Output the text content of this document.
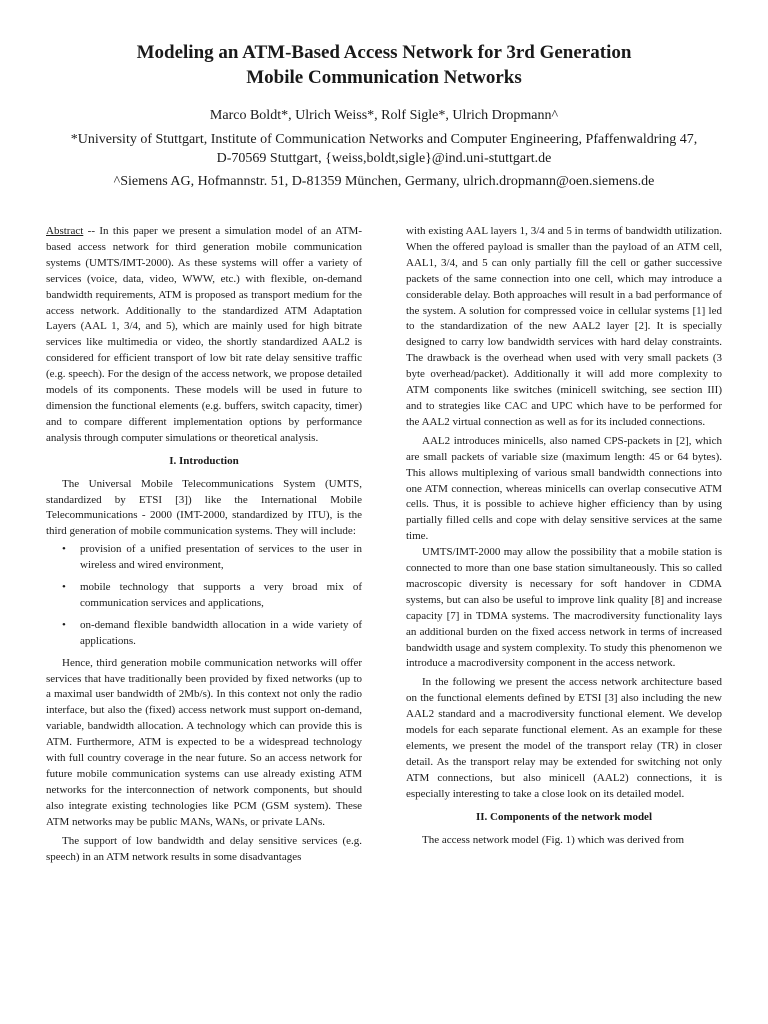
Modeling an ATM-Based Access Network for 3rd Generation
Mobile Communication Networks
Marco Boldt*, Ulrich Weiss*, Rolf Sigle*, Ulrich Dropmann^
*University of Stuttgart, Institute of Communication Networks and Computer Engineering, Pfaffenwaldring 47,
D-70569 Stuttgart, {weiss,boldt,sigle}@ind.uni-stuttgart.de
^Siemens AG, Hofmannstr. 51, D-81359 München, Germany, ulrich.dropmann@oen.siemens.de

Abstract -- In this paper we present a simulation model of an ATM-based access network for third generation mobile communication systems (UMTS/IMT-2000). As these systems will offer a variety of services (voice, data, video, WWW, etc.) with flexible, on-demand bandwidth requirements, ATM is proposed as transport medium for the access network. Additionally to the standardized ATM Adaptation Layers (AAL 1, 3/4, and 5), which are mainly used for high bitrate services like multimedia or video, the shortly standardized AAL2 is considered for efficient transport of low bit rate delay sensitive traffic (e.g. speech). For the design of the access network, we propose detailed models of its components. These models will be used in future to dimension the functional elements (e.g. buffers, switch capacity, timer) and to compare different implementation options by performance analysis through computer simulations or theoretical analysis.

I. Introduction

The Universal Mobile Telecommunications System (UMTS, standardized by ETSI [3]) like the International Mobile Telecommunications - 2000 (IMT-2000, standardized by ITU), is the third generation of mobile communication systems. They will include:

• provision of a unified presentation of services to the user in wireless and wired environment,
• mobile technology that supports a very broad mix of communication services and applications,
• on-demand flexible bandwidth allocation in a wide variety of applications.

Hence, third generation mobile communication networks will offer services that have traditionally been provided by fixed networks (up to a maximal user bandwidth of 2Mb/s). In this context not only the radio interface, but also the (fixed) access network must support on-demand, variable, bandwidth allocation. A technology which can provide this is ATM. Furthermore, ATM is expected to be a widespread technology with full country coverage in the near future. So an access network for future mobile communication systems can use already existing ATM networks for the interconnection of network components, but should also integrate existing technologies like PCM (GSM system). These ATM networks may be public MANs, WANs, or private LANs.

The support of low bandwidth and delay sensitive services (e.g. speech) in an ATM network results in some disadvantages

with existing AAL layers 1, 3/4 and 5 in terms of bandwidth utilization. When the offered payload is smaller than the payload of an ATM cell, AAL1, 3/4, and 5 can only partially fill the cell or gather successive packets of the same connection into one cell, which may introduce a considerable delay. Both approaches will result in a bad performance of the system. A solution for compressed voice in cellular systems [1] led to the standardization of the new AAL2 layer [2]. It is specially designed to carry low bandwidth services with hard delay constraints. The drawback is the overhead when used with very small packets (3 byte overhead/packet). Additionally it will add more complexity to ATM components like switches (minicell switching, see section III) and to strategies like CAC and UPC which have to be performed for the AAL2 virtual connection as well as for its included connections.

AAL2 introduces minicells, also named CPS-packets in [2], which are small packets of variable size (maximum length: 45 or 64 bytes). This allows multiplexing of various small bandwidth connections into one ATM connection, whereas minicells can overlap consecutive ATM cells. Thus, it is possible to achieve higher efficiency than by using partially filled cells and cope with delay sensitive services at the same time.

UMTS/IMT-2000 may allow the possibility that a mobile station is connected to more than one base station simultaneously. This so called macroscopic diversity is necessary for soft handover in CDMA systems, but can also be useful to improve link quality [8] and increase capacity [7] in TDMA systems. The macrodiversity functionality lays an additional burden on the fixed access network in terms of increased bandwidth usage and system complexity. To study this phenomenon we introduce a macrodiversity component in the access network.

In the following we present the access network architecture based on the functional elements defined by ETSI [3] also including the new AAL2 standard and a macrodiversity functional element. We develop models for each separate functional element. As an example for these elements, we present the model of the transport relay (TR) in closer detail. As the transport relay may be extended for switching not only ATM connections, but also minicell (AAL2) connections, it is especially interesting to take a close look on its detailed model.

II. Components of the network model

The access network model (Fig. 1) which was derived from
